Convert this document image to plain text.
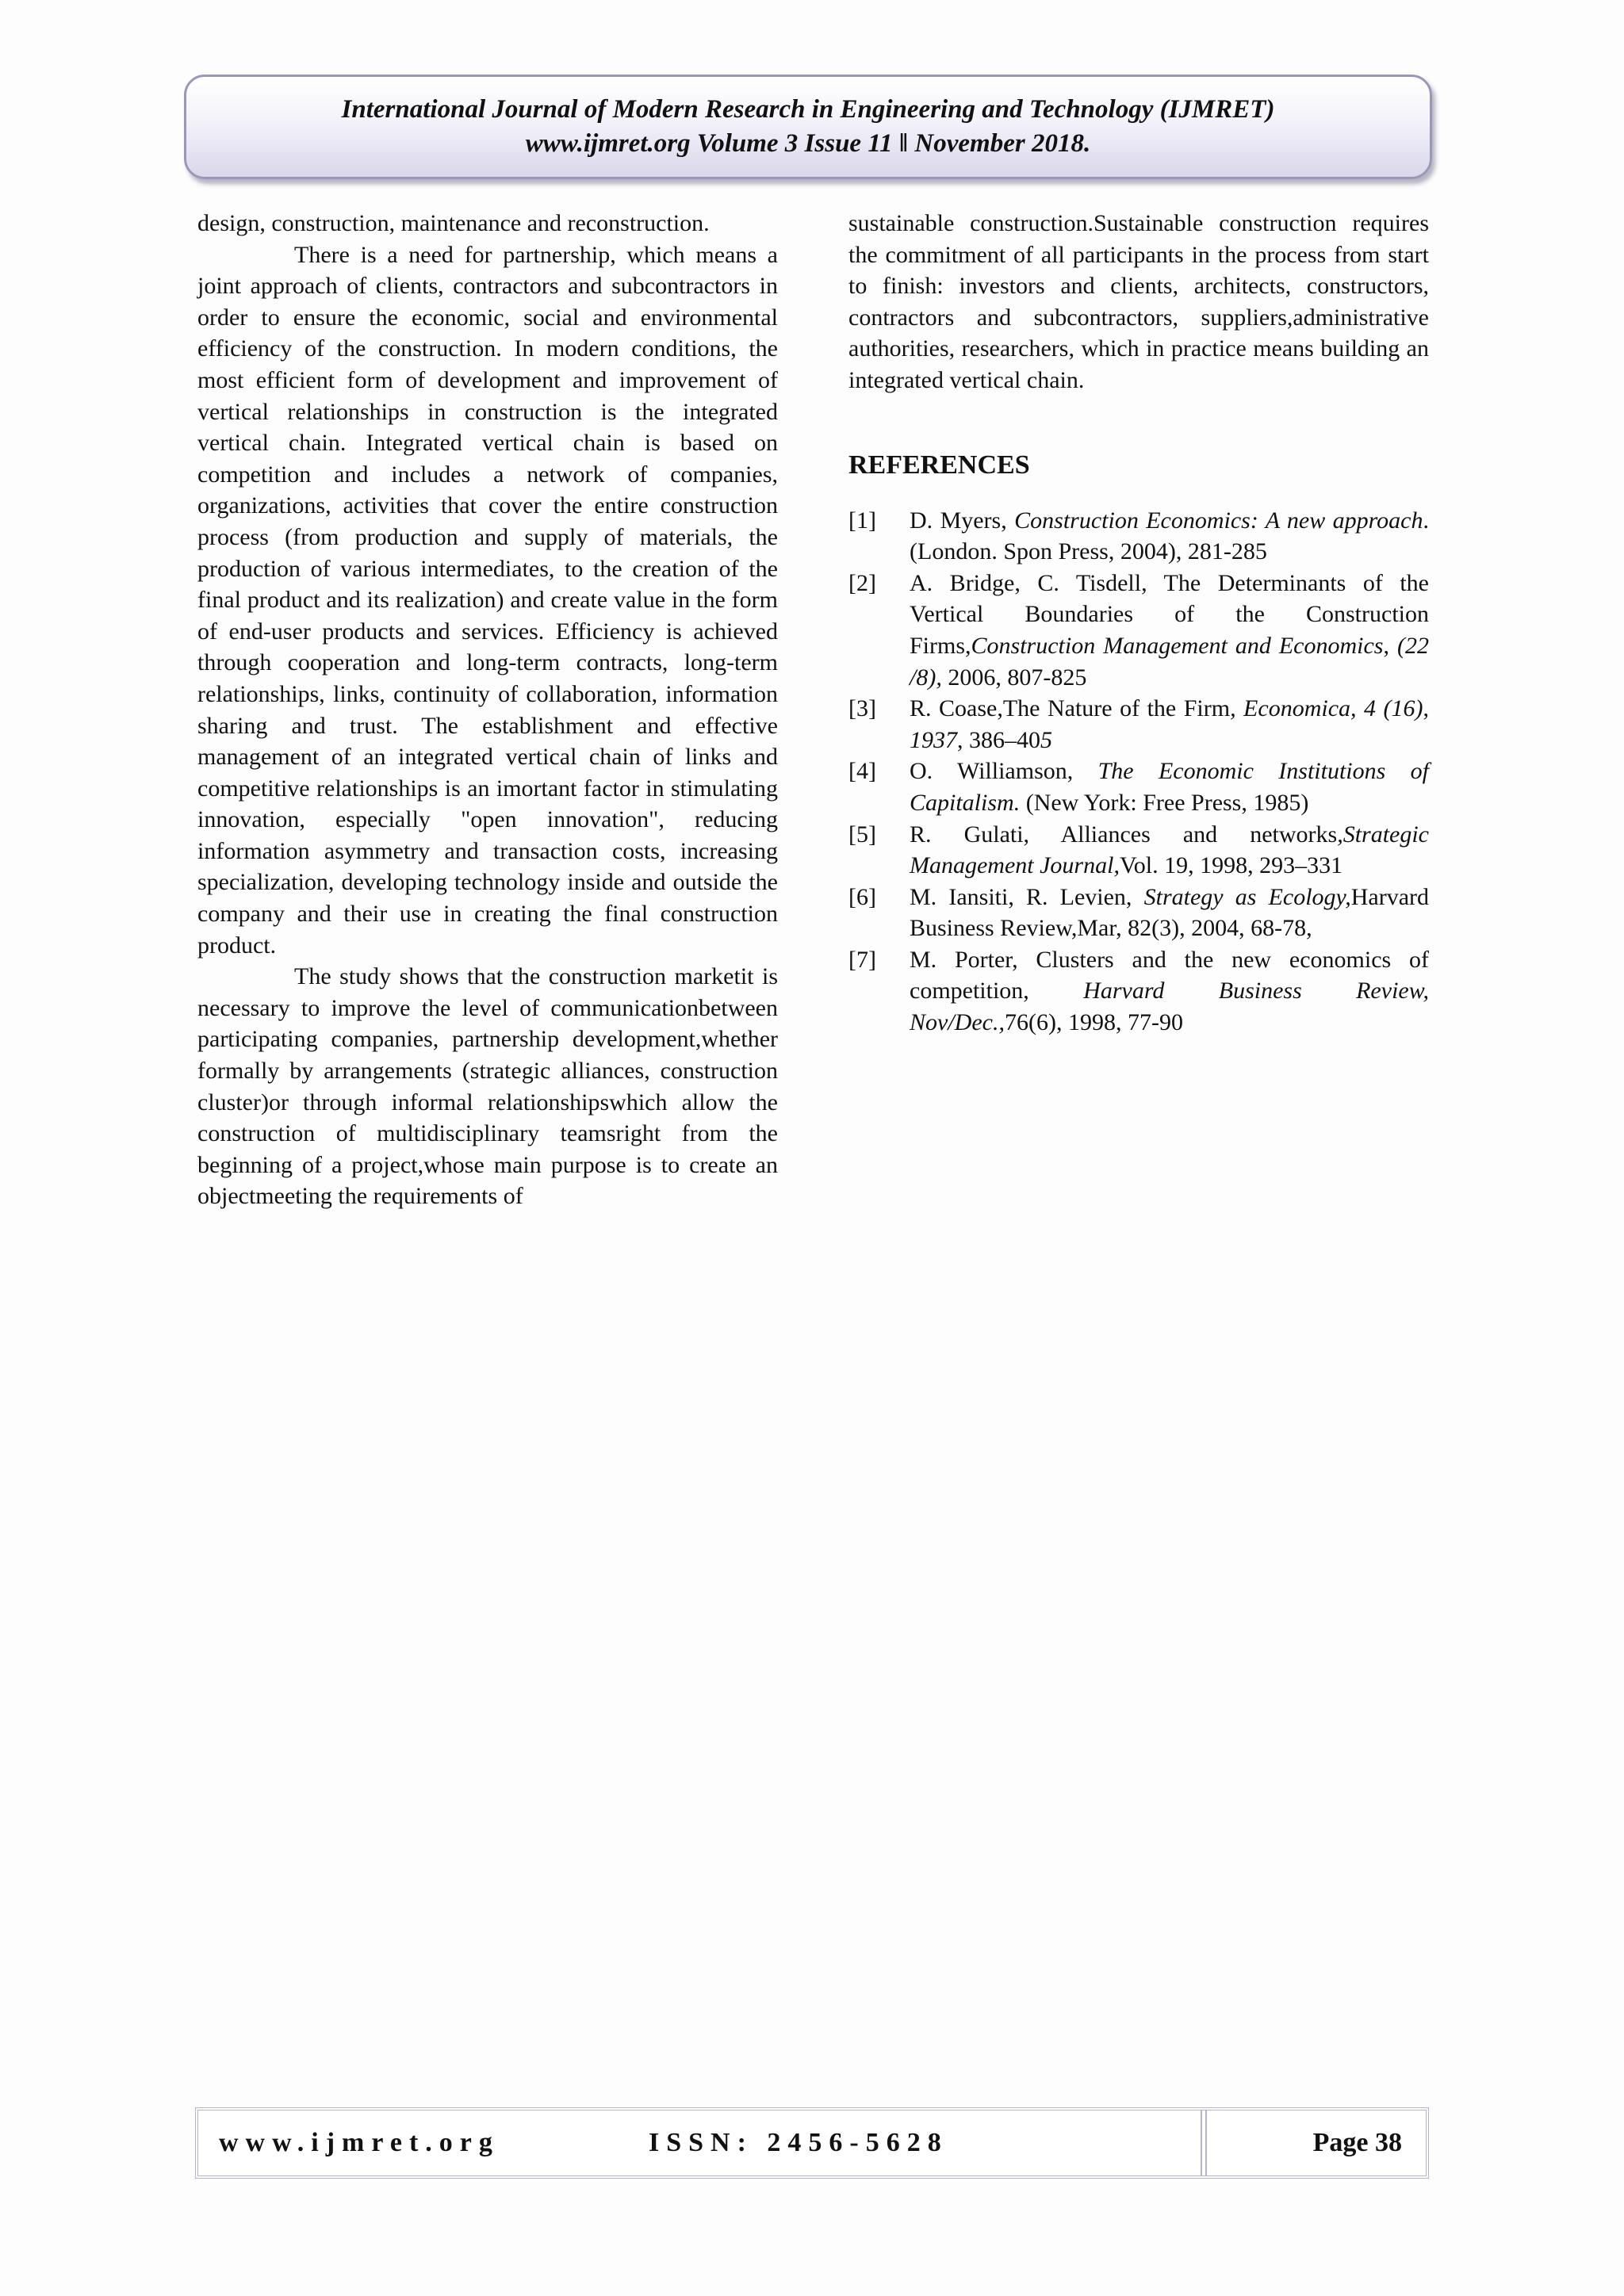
International Journal of Modern Research in Engineering and Technology (IJMRET)
www.ijmret.org Volume 3 Issue 11 ǁ November 2018.

design, construction, maintenance and reconstruction.

There is a need for partnership, which means a joint approach of clients, contractors and subcontractors in order to ensure the economic, social and environmental efficiency of the construction. In modern conditions, the most efficient form of development and improvement of vertical relationships in construction is the integrated vertical chain. Integrated vertical chain is based on competition and includes a network of companies, organizations, activities that cover the entire construction process (from production and supply of materials, the production of various intermediates, to the creation of the final product and its realization) and create value in the form of end-user products and services. Efficiency is achieved through cooperation and long-term contracts, long-term relationships, links, continuity of collaboration, information sharing and trust. The establishment and effective management of an integrated vertical chain of links and competitive relationships is an imortant factor in stimulating innovation, especially "open innovation", reducing information asymmetry and transaction costs, increasing specialization, developing technology inside and outside the company and their use in creating the final construction product.

The study shows that the construction marketit is necessary to improve the level of communicationbetween participating companies, partnership development,whether formally by arrangements (strategic alliances, construction cluster)or through informal relationshipswhich allow the construction of multidisciplinary teamsright from the beginning of a project,whose main purpose is to create an objectmeeting the requirements of

sustainable construction.Sustainable construction requires the commitment of all participants in the process from start to finish: investors and clients, architects, constructors, contractors and subcontractors, suppliers,administrative authorities, researchers, which in practice means building an integrated vertical chain.

REFERENCES

[1] D. Myers, Construction Economics: A new approach. (London. Spon Press, 2004), 281-285
[2] A. Bridge, C. Tisdell, The Determinants of the Vertical Boundaries of the Construction Firms,Construction Management and Economics, (22 /8), 2006, 807-825
[3] R. Coase,The Nature of the Firm, Economica, 4 (16), 1937, 386–405
[4] O. Williamson, The Economic Institutions of Capitalism. (New York: Free Press, 1985)
[5] R. Gulati, Alliances and networks,Strategic Management Journal,Vol. 19, 1998, 293–331
[6] M. Iansiti, R. Levien, Strategy as Ecology,Harvard Business Review,Mar, 82(3), 2004, 68-78,
[7] M. Porter, Clusters and the new economics of competition, Harvard Business Review, Nov/Dec.,76(6), 1998, 77-90
www.ijmret.org	ISSN: 2456-5628	Page 38
